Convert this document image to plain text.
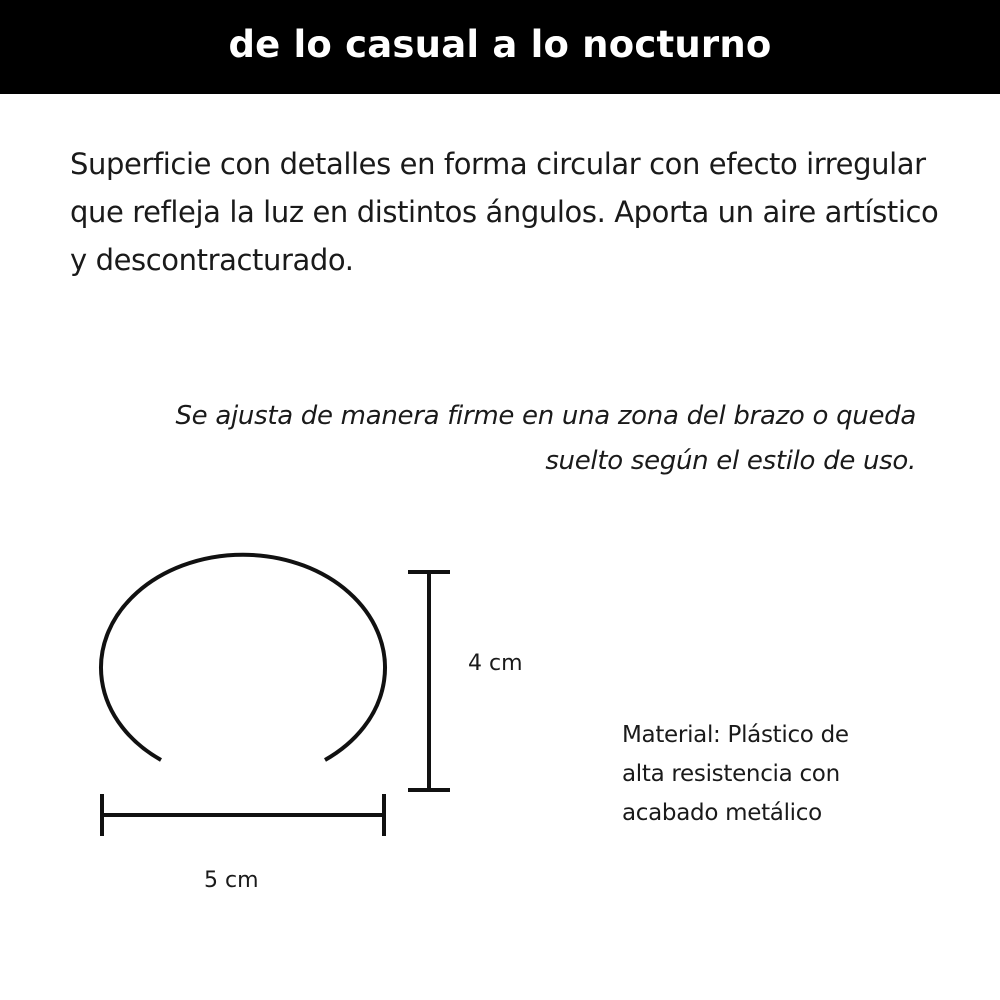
de lo casual a lo nocturno
Superficie con detalles en forma circular con efecto irregular que refleja la luz en distintos ángulos. Aporta un aire artístico y descontracturado.
Se ajusta de manera firme en una zona del brazo o queda
suelto según el estilo de uso.
4 cm
5 cm
Material: Plástico de
alta resistencia con
acabado metálico
